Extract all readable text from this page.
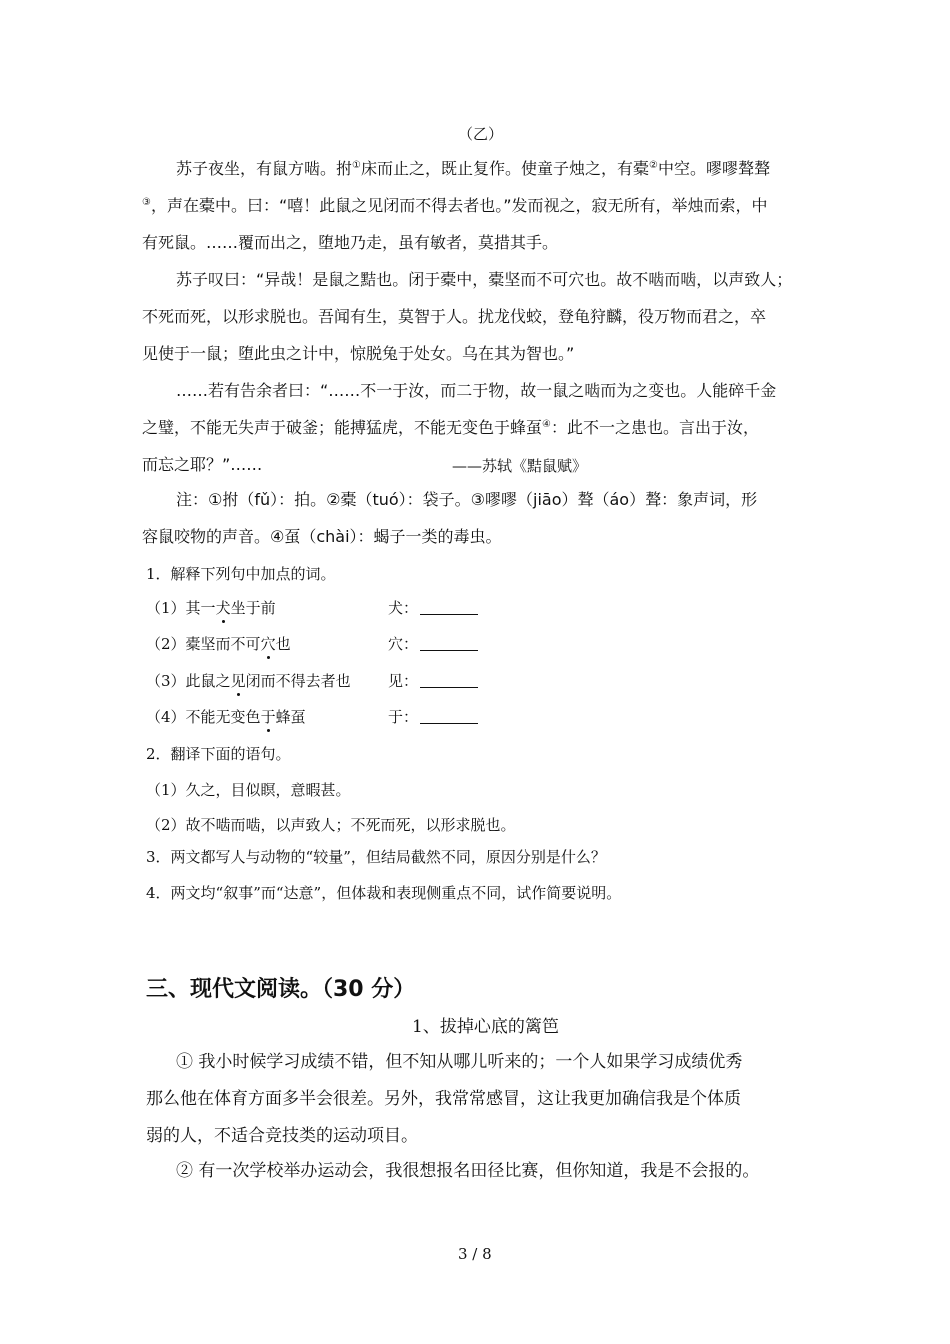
（乙）
苏子夜坐，有鼠方啮。拊①床而止之，既止复作。使童子烛之，有橐②中空。嘐嘐聱聱
③，声在橐中。曰：“嘻！此鼠之见闭而不得去者也。”发而视之，寂无所有，举烛而索，中
有死鼠。……覆而出之，堕地乃走，虽有敏者，莫措其手。
苏子叹曰：“异哉！是鼠之黠也。闭于橐中，橐坚而不可穴也。故不啮而啮，以声致人；
不死而死，以形求脱也。吾闻有生，莫智于人。扰龙伐蛟，登龟狩麟，役万物而君之，卒
见使于一鼠；堕此虫之计中，惊脱兔于处女。乌在其为智也。”
……若有告余者曰：“……不一于汝，而二于物，故一鼠之啮而为之变也。人能碎千金
之璧，不能无失声于破釜；能搏猛虎，不能无变色于蜂虿④：此不一之患也。言出于汝，
而忘之耶？”……	——苏轼《黠鼠赋》
注：①拊（fǔ）：拍。②橐（tuó）：袋子。③嘐嘐（jiāo）聱（áo）聱：象声词，形
容鼠咬物的声音。④虿（chài）：蝎子一类的毒虫。
1．解释下列句中加点的词。
（1）其一犬坐于前	犬：
（2）橐坚而不可穴也	穴：
（3）此鼠之见闭而不得去者也 见：
（4）不能无变色于蜂虿	于：
2．翻译下面的语句。
（1）久之，目似瞑，意暇甚。
（2）故不啮而啮，以声致人；不死而死，以形求脱也。
3．两文都写人与动物的“较量”，但结局截然不同，原因分别是什么？
4．两文均“叙事”而“达意”，但体裁和表现侧重点不同，试作简要说明。
三、现代文阅读。（30 分）
1、拔掉心底的篱笆
① 我小时候学习成绩不错，但不知从哪儿听来的；一个人如果学习成绩优秀
那么他在体育方面多半会很差。另外，我常常感冒，这让我更加确信我是个体质
弱的人，不适合竞技类的运动项目。
② 有一次学校举办运动会，我很想报名田径比赛，但你知道，我是不会报的。
3 / 8
